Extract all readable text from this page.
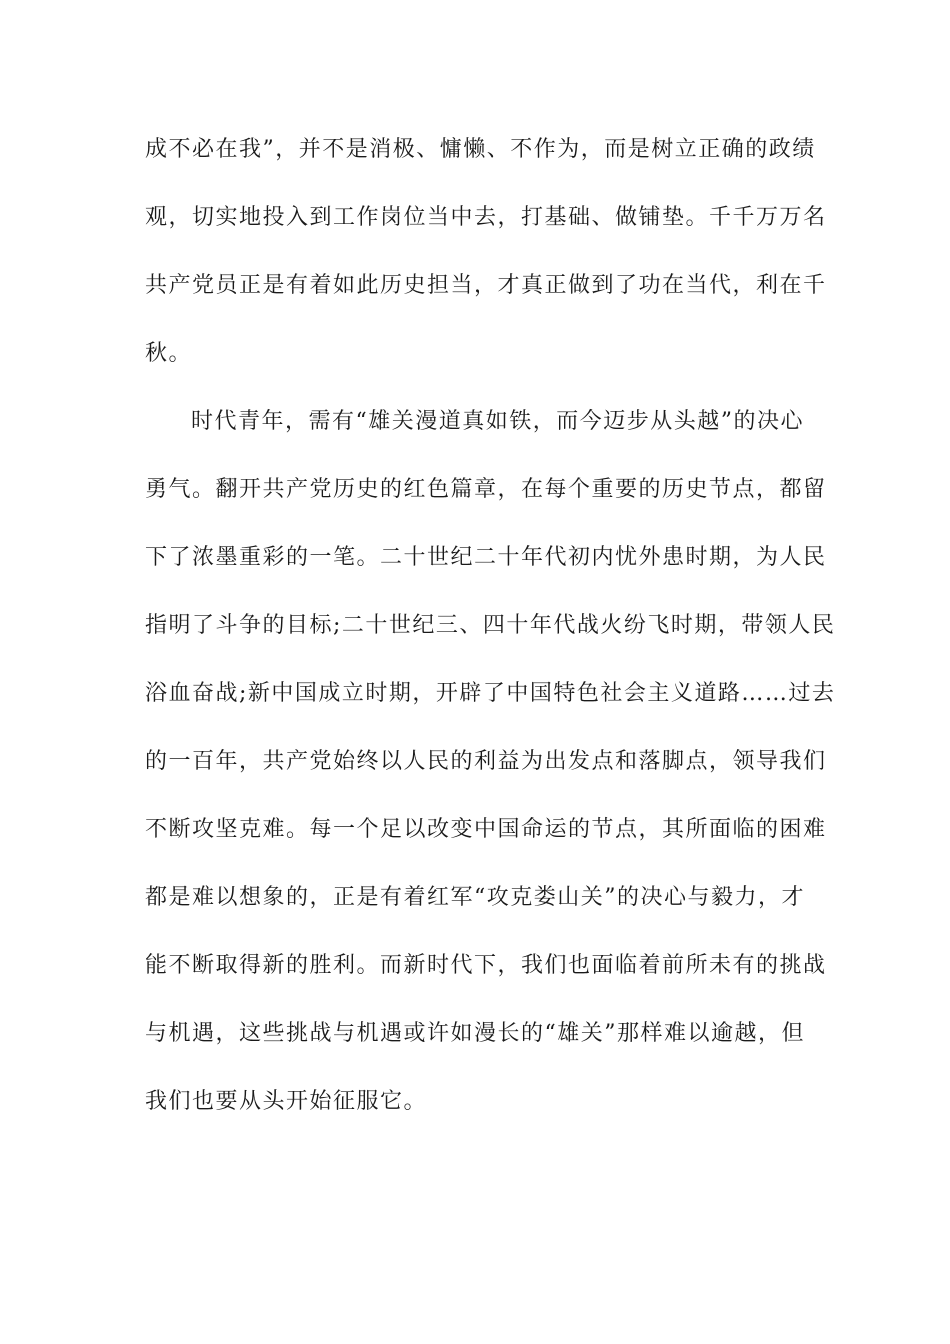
成不必在我”，并不是消极、慵懒、不作为，而是树立正确的政绩
观，切实地投入到工作岗位当中去，打基础、做铺垫。千千万万名
共产党员正是有着如此历史担当，才真正做到了功在当代，利在千
秋。
时代青年，需有“雄关漫道真如铁，而今迈步从头越”的决心
勇气。翻开共产党历史的红色篇章，在每个重要的历史节点，都留
下了浓墨重彩的一笔。二十世纪二十年代初内忧外患时期，为人民
指明了斗争的目标;二十世纪三、四十年代战火纷飞时期，带领人民
浴血奋战;新中国成立时期，开辟了中国特色社会主义道路……过去
的一百年，共产党始终以人民的利益为出发点和落脚点，领导我们
不断攻坚克难。每一个足以改变中国命运的节点，其所面临的困难
都是难以想象的，正是有着红军“攻克娄山关”的决心与毅力，才
能不断取得新的胜利。而新时代下，我们也面临着前所未有的挑战
与机遇，这些挑战与机遇或许如漫长的“雄关”那样难以逾越，但
我们也要从头开始征服它。
